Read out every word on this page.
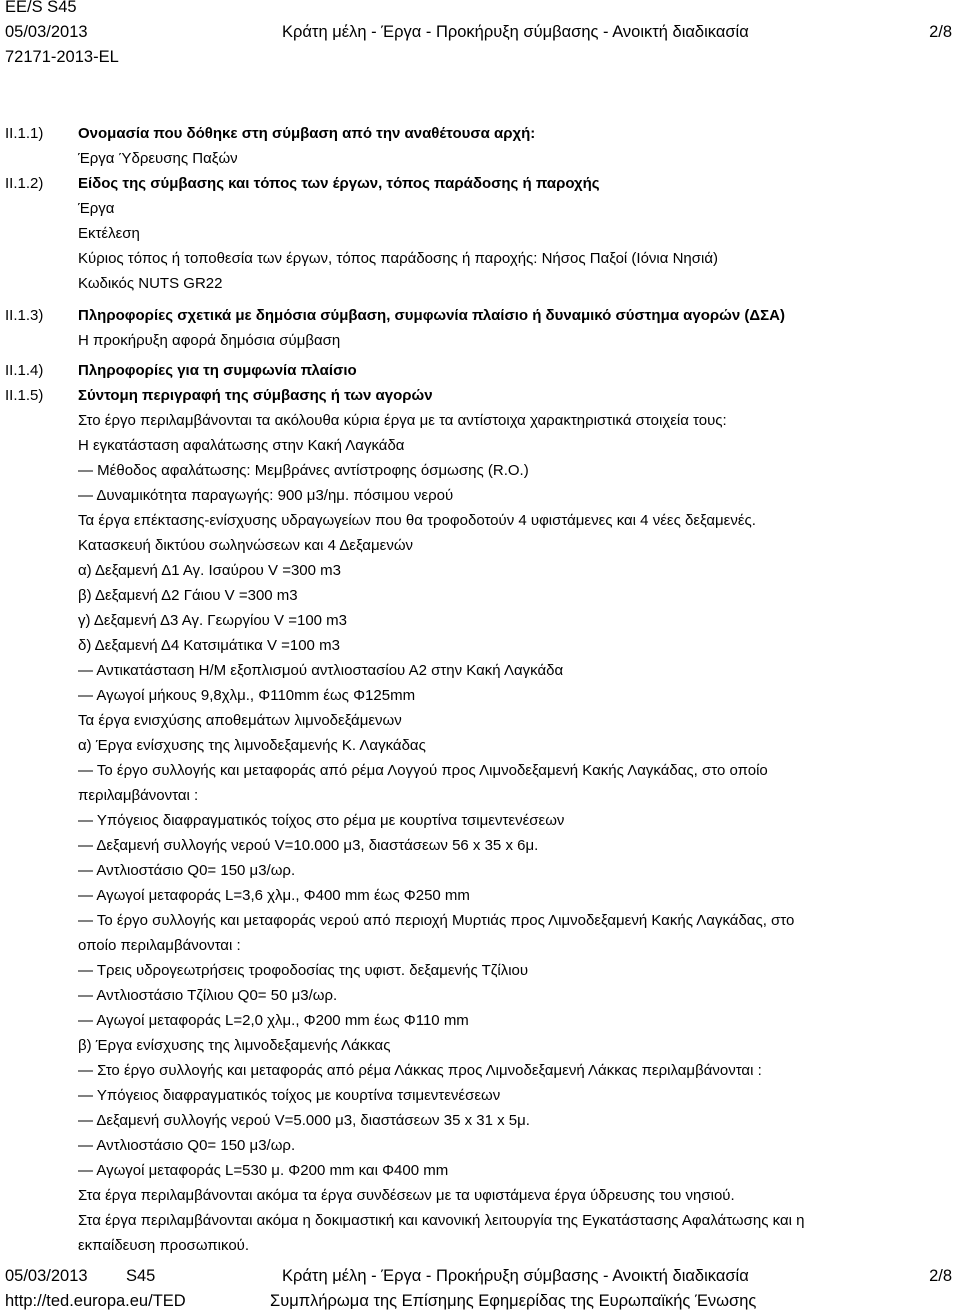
EE/S S45
05/03/2013
72171-2013-EL
Κράτη μέλη - Έργα - Προκήρυξη σύμβασης - Ανοικτή διαδικασία	2/8
II.1.1)
II.1.2)
II.1.3)
II.1.4)
II.1.5)
Ονομασία που δόθηκε στη σύμβαση από την αναθέτουσα αρχή:
Έργα Ύδρευσης Παξών
Είδος της σύμβασης και τόπος των έργων, τόπος παράδοσης ή παροχής
Έργα
Εκτέλεση
Κύριος τόπος ή τοποθεσία των έργων, τόπος παράδοσης ή παροχής: Νήσος Παξοί (Ιόνια Νησιά)
Κωδικός NUTS GR22
Πληροφορίες σχετικά με δημόσια σύμβαση, συμφωνία πλαίσιο ή δυναμικό σύστημα αγορών (ΔΣΑ)
Η προκήρυξη αφορά δημόσια σύμβαση
Πληροφορίες για τη συμφωνία πλαίσιο
Σύντομη περιγραφή της σύμβασης ή των αγορών
Στο έργο περιλαμβάνονται τα ακόλουθα κύρια έργα με τα αντίστοιχα χαρακτηριστικά στοιχεία τους:
Η εγκατάσταση αφαλάτωσης στην Κακή Λαγκάδα
— Μέθοδος αφαλάτωσης: Μεμβράνες αντίστροφης όσμωσης (R.O.)
— Δυναμικότητα παραγωγής: 900 μ3/ημ. πόσιμου νερού
Τα έργα επέκτασης-ενίσχυσης υδραγωγείων που θα τροφοδοτούν 4 υφιστάμενες και 4 νέες δεξαμενές.
Κατασκευή δικτύου σωληνώσεων και 4 Δεξαμενών
α) Δεξαμενή Δ1 Αγ. Ισαύρου V =300 m3
β) Δεξαμενή Δ2 Γάιου V =300 m3
γ) Δεξαμενή Δ3 Αγ. Γεωργίου V =100 m3
δ) Δεξαμενή Δ4 Κατσιμάτικα V =100 m3
— Αντικατάσταση Η/Μ εξοπλισμού αντλιοστασίου Α2 στην Κακή Λαγκάδα
— Αγωγοί μήκους 9,8χλμ., Φ110mm έως Φ125mm
Τα έργα ενισχύσης αποθεμάτων λιμνοδεξάμενων
α) Έργα ενίσχυσης της λιμνοδεξαμενής Κ. Λαγκάδας
— Το έργο συλλογής και μεταφοράς από ρέμα Λογγού προς Λιμνοδεξαμενή Κακής Λαγκάδας, στο οποίο
περιλαμβάνονται :
— Υπόγειος διαφραγματικός τοίχος στο ρέμα με κουρτίνα τσιμεντενέσεων
— Δεξαμενή συλλογής νερού V=10.000 μ3, διαστάσεων 56 x 35 x 6μ.
— Αντλιοστάσιο Q0= 150 μ3/ωρ.
— Αγωγοί μεταφοράς L=3,6 χλμ., Φ400 mm έως Φ250 mm
— Το έργο συλλογής και μεταφοράς νερού από περιοχή Μυρτιάς προς Λιμνοδεξαμενή Κακής Λαγκάδας, στο
οποίο περιλαμβάνονται :
— Τρεις υδρογεωτρήσεις τροφοδοσίας της υφιστ. δεξαμενής Τζίλιου
— Αντλιοστάσιο Τζίλιου Q0= 50 μ3/ωρ.
— Αγωγοί μεταφοράς L=2,0 χλμ., Φ200 mm έως Φ110 mm
β) Έργα ενίσχυσης της λιμνοδεξαμενής Λάκκας
— Στο έργο συλλογής και μεταφοράς από ρέμα Λάκκας προς Λιμνοδεξαμενή Λάκκας περιλαμβάνονται :
— Υπόγειος διαφραγματικός τοίχος με κουρτίνα τσιμεντενέσεων
— Δεξαμενή συλλογής νερού V=5.000 μ3, διαστάσεων 35 x 31 x 5μ.
— Αντλιοστάσιο Q0= 150 μ3/ωρ.
— Αγωγοί μεταφοράς L=530 μ. Φ200 mm και Φ400 mm
Στα έργα περιλαμβάνονται ακόμα τα έργα συνδέσεων με τα υφιστάμενα έργα ύδρευσης του νησιού.
Στα έργα περιλαμβάνονται ακόμα η δοκιμαστική και κανονική λειτουργία της Εγκατάστασης Αφαλάτωσης και η
εκπαίδευση προσωπικού.
05/03/2013 S45
http://ted.europa.eu/TED
Κράτη μέλη - Έργα - Προκήρυξη σύμβασης - Ανοικτή διαδικασία
Συμπλήρωμα της Επίσημης Εφημερίδας της Ευρωπαϊκής Ένωσης
2/8
